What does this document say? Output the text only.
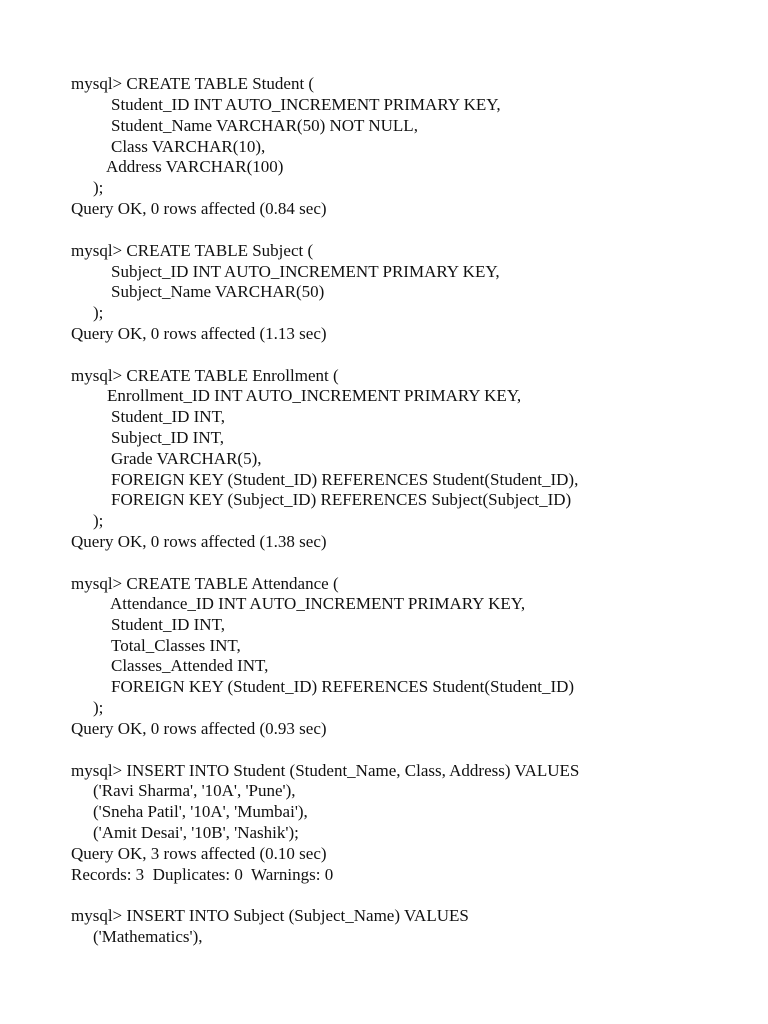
mysql> CREATE TABLE Student (
Student_ID INT AUTO_INCREMENT PRIMARY KEY,
Student_Name VARCHAR(50) NOT NULL,
Class VARCHAR(10),
Address VARCHAR(100)
);
Query OK, 0 rows affected (0.84 sec)
mysql> CREATE TABLE Subject (
Subject_ID INT AUTO_INCREMENT PRIMARY KEY,
Subject_Name VARCHAR(50)
);
Query OK, 0 rows affected (1.13 sec)
mysql> CREATE TABLE Enrollment (
Enrollment_ID INT AUTO_INCREMENT PRIMARY KEY,
Student_ID INT,
Subject_ID INT,
Grade VARCHAR(5),
FOREIGN KEY (Student_ID) REFERENCES Student(Student_ID),
FOREIGN KEY (Subject_ID) REFERENCES Subject(Subject_ID)
);
Query OK, 0 rows affected (1.38 sec)
mysql> CREATE TABLE Attendance (
Attendance_ID INT AUTO_INCREMENT PRIMARY KEY,
Student_ID INT,
Total_Classes INT,
Classes_Attended INT,
FOREIGN KEY (Student_ID) REFERENCES Student(Student_ID)
);
Query OK, 0 rows affected (0.93 sec)
mysql> INSERT INTO Student (Student_Name, Class, Address) VALUES
('Ravi Sharma', '10A', 'Pune'),
('Sneha Patil', '10A', 'Mumbai'),
('Amit Desai', '10B', 'Nashik');
Query OK, 3 rows affected (0.10 sec)
Records: 3  Duplicates: 0  Warnings: 0
mysql> INSERT INTO Subject (Subject_Name) VALUES
('Mathematics'),
